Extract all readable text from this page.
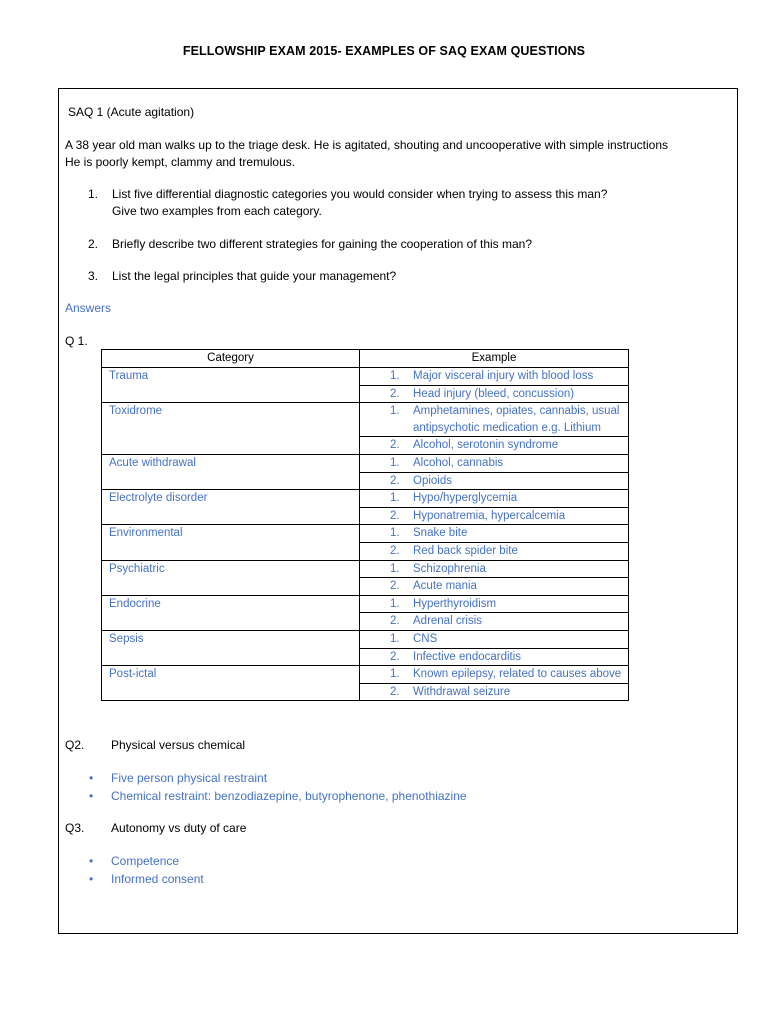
FELLOWSHIP EXAM 2015- EXAMPLES OF SAQ EXAM QUESTIONS
SAQ 1 (Acute agitation)
A 38 year old man walks up to the triage desk. He is agitated, shouting and uncooperative with simple instructions
He is poorly kempt, clammy and tremulous.
1. List five differential diagnostic categories you would consider when trying to assess this man?
Give two examples from each category.
2. Briefly describe two different strategies for gaining the cooperation of this man?
3. List the legal principles that guide your management?
Answers
Q 1.
Category	Example
Trauma	1. Major visceral injury with blood loss

	2. Head injury (bleed, concussion)

Toxidrome	1. Amphetamines, opiates, cannabis, usual antipsychotic medication e.g. Lithium

	2. Alcohol, serotonin syndrome

Acute withdrawal	1. Alcohol, cannabis

	2. Opioids

Electrolyte disorder	1. Hypo/hyperglycemia

	2. Hyponatremia, hypercalcemia

Environmental	1. Snake bite

	2. Red back spider bite

Psychiatric	1. Schizophrenia

	2. Acute mania

Endocrine	1. Hyperthyroidism

	2. Adrenal crisis

Sepsis	1. CNS

	2. Infective endocarditis

Post-ictal	1. Known epilepsy, related to causes above

	2. Withdrawal seizure
Q2. Physical versus chemical
• Five person physical restraint
• Chemical restraint: benzodiazepine, butyrophenone, phenothiazine
Q3. Autonomy vs duty of care
• Competence
• Informed consent
